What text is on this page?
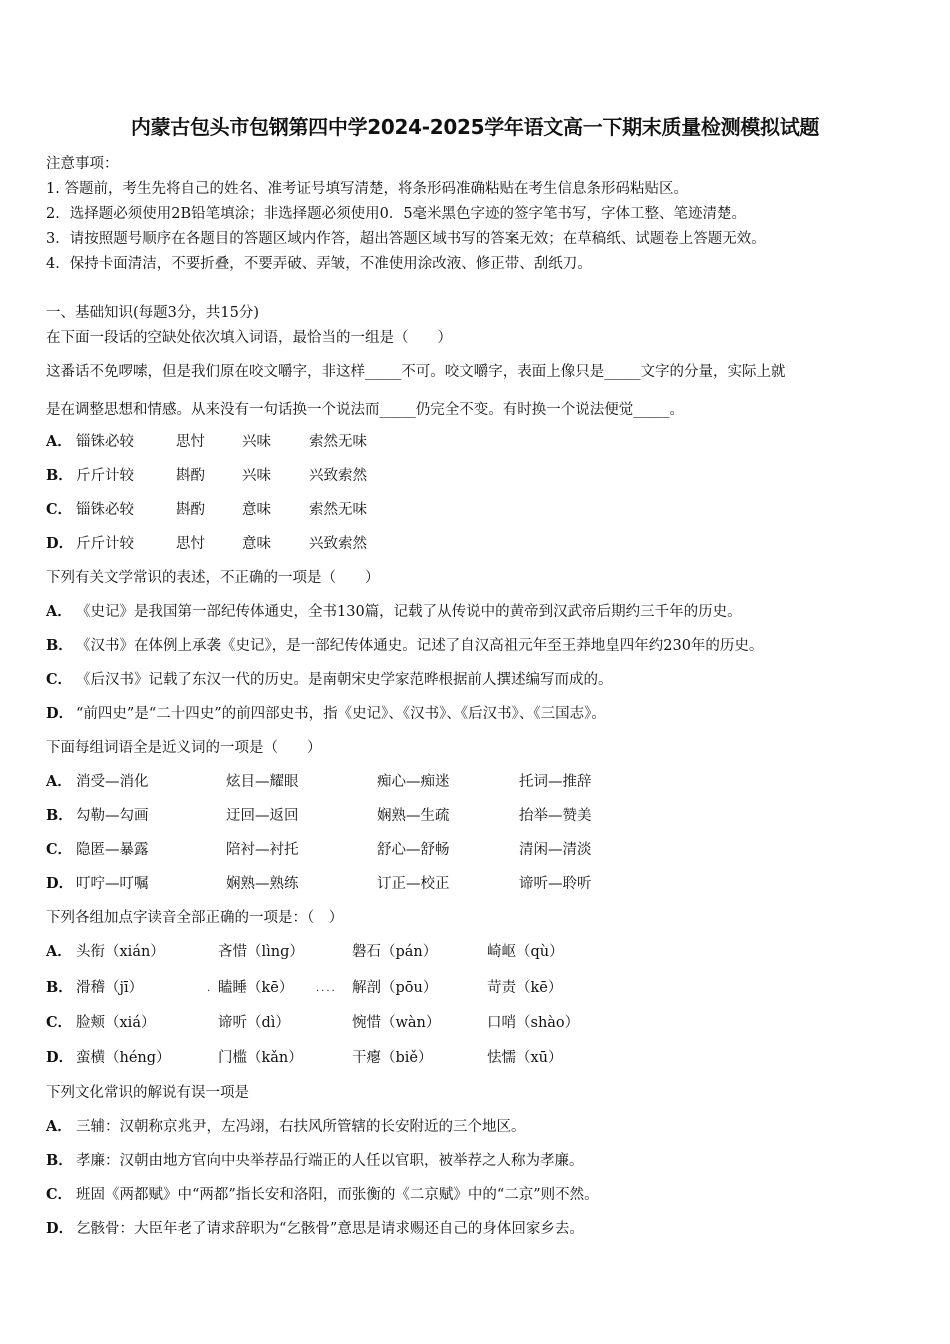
内蒙古包头市包钢第四中学2024-2025学年语文高一下期末质量检测模拟试题
注意事项：
1. 答题前，考生先将自己的姓名、准考证号填写清楚，将条形码准确粘贴在考生信息条形码粘贴区。
2．选择题必须使用2B铅笔填涂；非选择题必须使用0．5毫米黑色字迹的签字笔书写，字体工整、笔迹清楚。
3．请按照题号顺序在各题目的答题区域内作答，超出答题区域书写的答案无效；在草稿纸、试题卷上答题无效。
4．保持卡面清洁，不要折叠，不要弄破、弄皱，不准使用涂改液、修正带、刮纸刀。
一、基础知识(每题3分，共15分)
在下面一段话的空缺处依次填入词语，最恰当的一组是（　　）
这番话不免啰嗦，但是我们原在咬文嚼字，非这样_____不可。咬文嚼字，表面上像只是_____文字的分量，实际上就
是在调整思想和情感。从来没有一句话换一个说法而_____仍完全不变。有时换一个说法便觉_____。
A． 锱铢必较	思忖	兴味	索然无味
B． 斤斤计较	斟酌	兴味	兴致索然
C． 锱铢必较	斟酌	意味	索然无味
D． 斤斤计较	思忖	意味	兴致索然
下列有关文学常识的表述，不正确的一项是（　　）
A． 《史记》是我国第一部纪传体通史，全书130篇，记载了从传说中的黄帝到汉武帝后期约三千年的历史。
B． 《汉书》在体例上承袭《史记》，是一部纪传体通史。记述了自汉高祖元年至王莽地皇四年约230年的历史。
C． 《后汉书》记载了东汉一代的历史。是南朝宋史学家范晔根据前人撰述编写而成的。
D． “前四史”是“二十四史”的前四部史书，指《史记》、《汉书》、《后汉书》、《三国志》。
下面每组词语全是近义词的一项是（　　）
A． 消受—消化	炫目—耀眼	痴心—痴迷	托词—推辞
B． 勾勒—勾画	迂回—返回	娴熟—生疏	抬举—赞美
C． 隐匿—暴露	陪衬—衬托	舒心—舒畅	清闲—清淡
D． 叮咛—叮嘱	娴熟—熟练	订正—校正	谛听—聆听
下列各组加点字读音全部正确的一项是：（　）
A． 头衔（xián）	吝惜（lìnɡ）	磐石（pán）	崎岖（qù）
B． 滑稽（jī）	瞌睡（kē）	解剖（pōu）	苛责（kē）
....
.
C． 脸颊（xiá）	谛听（dì）	惋惜（wàn）	口哨（shào）
D． 蛮横（héng）	门槛（kǎn）	干瘪（biě）	怯懦（xū）
下列文化常识的解说有误一项是
A． 三辅：汉朝称京兆尹，左冯翊，右扶风所管辖的长安附近的三个地区。
B． 孝廉：汉朝由地方官向中央举荐品行端正的人任以官职，被举荐之人称为孝廉。
C． 班固《两都赋》中“两都”指长安和洛阳，而张衡的《二京赋》中的“二京”则不然。
D． 乞骸骨：大臣年老了请求辞职为“乞骸骨”意思是请求赐还自己的身体回家乡去。
